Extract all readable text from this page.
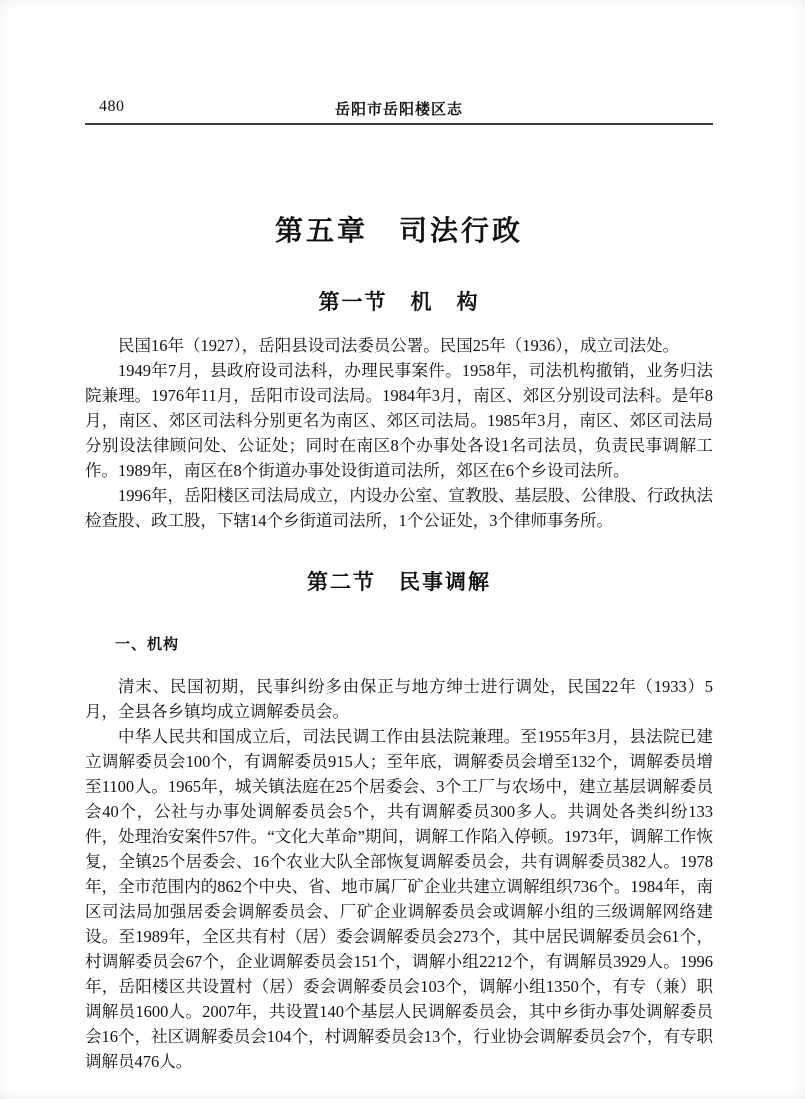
480	岳阳市岳阳楼区志
第五章　司法行政
第一节　机　构

民国16年（1927），岳阳县设司法委员公署。民国25年（1936），成立司法处。

1949年7月，县政府设司法科，办理民事案件。1958年，司法机构撤销，业务归法院兼理。1976年11月，岳阳市设司法局。1984年3月，南区、郊区分别设司法科。是年8月，南区、郊区司法科分别更名为南区、郊区司法局。1985年3月，南区、郊区司法局分别设法律顾问处、公证处；同时在南区8个办事处各设1名司法员，负责民事调解工作。1989年，南区在8个街道办事处设街道司法所，郊区在6个乡设司法所。

1996年，岳阳楼区司法局成立，内设办公室、宣教股、基层股、公律股、行政执法检查股、政工股，下辖14个乡街道司法所，1个公证处，3个律师事务所。

第二节　民事调解
一、机构

清末、民国初期，民事纠纷多由保正与地方绅士进行调处，民国22年（1933）5月，全县各乡镇均成立调解委员会。

中华人民共和国成立后，司法民调工作由县法院兼理。至1955年3月，县法院已建立调解委员会100个，有调解委员915人；至年底，调解委员会增至132个，调解委员增至1100人。1965年，城关镇法庭在25个居委会、3个工厂与农场中，建立基层调解委员会40个，公社与办事处调解委员会5个，共有调解委员300多人。共调处各类纠纷133件，处理治安案件57件。“文化大革命”期间，调解工作陷入停顿。1973年，调解工作恢复，全镇25个居委会、16个农业大队全部恢复调解委员会，共有调解委员382人。1978年，全市范围内的862个中央、省、地市属厂矿企业共建立调解组织736个。1984年，南区司法局加强居委会调解委员会、厂矿企业调解委员会或调解小组的三级调解网络建设。至1989年，全区共有村（居）委会调解委员会273个，其中居民调解委员会61个，村调解委员会67个，企业调解委员会151个，调解小组2212个，有调解员3929人。1996年，岳阳楼区共设置村（居）委会调解委员会103个，调解小组1350个，有专（兼）职调解员1600人。2007年，共设置140个基层人民调解委员会，其中乡街办事处调解委员会16个，社区调解委员会104个，村调解委员会13个，行业协会调解委员会7个，有专职调解员476人。
